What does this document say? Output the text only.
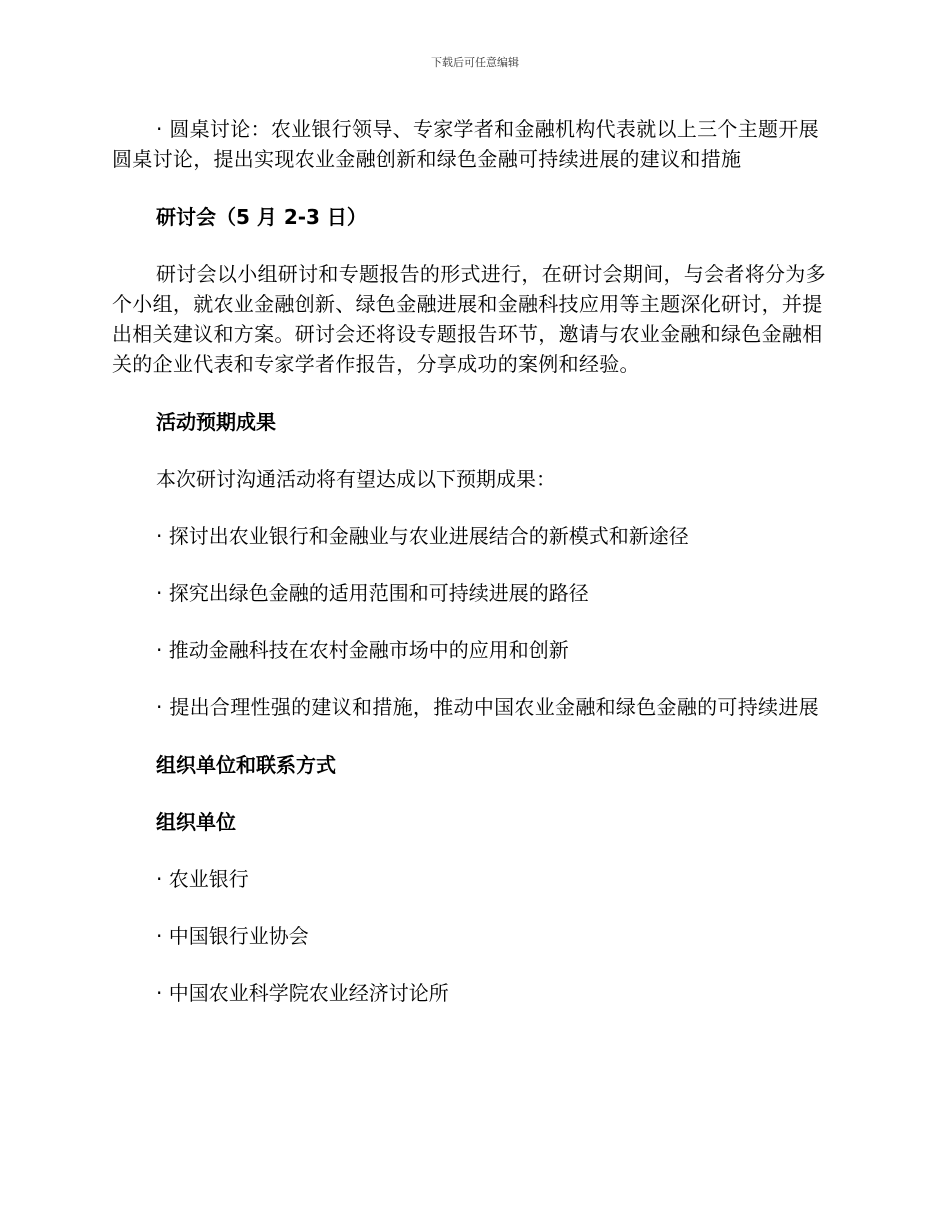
下载后可任意编辑

· 圆桌讨论：农业银行领导、专家学者和金融机构代表就以上三个主题开展圆桌讨论，提出实现农业金融创新和绿色金融可持续进展的建议和措施

研讨会（5 月 2-3 日）

研讨会以小组研讨和专题报告的形式进行，在研讨会期间，与会者将分为多个小组，就农业金融创新、绿色金融进展和金融科技应用等主题深化研讨，并提出相关建议和方案。研讨会还将设专题报告环节，邀请与农业金融和绿色金融相关的企业代表和专家学者作报告，分享成功的案例和经验。

活动预期成果
本次研讨沟通活动将有望达成以下预期成果：
· 探讨出农业银行和金融业与农业进展结合的新模式和新途径
· 探究出绿色金融的适用范围和可持续进展的路径
· 推动金融科技在农村金融市场中的应用和创新

· 提出合理性强的建议和措施，推动中国农业金融和绿色金融的可持续进展

组织单位和联系方式
组织单位
· 农业银行
· 中国银行业协会
· 中国农业科学院农业经济讨论所
